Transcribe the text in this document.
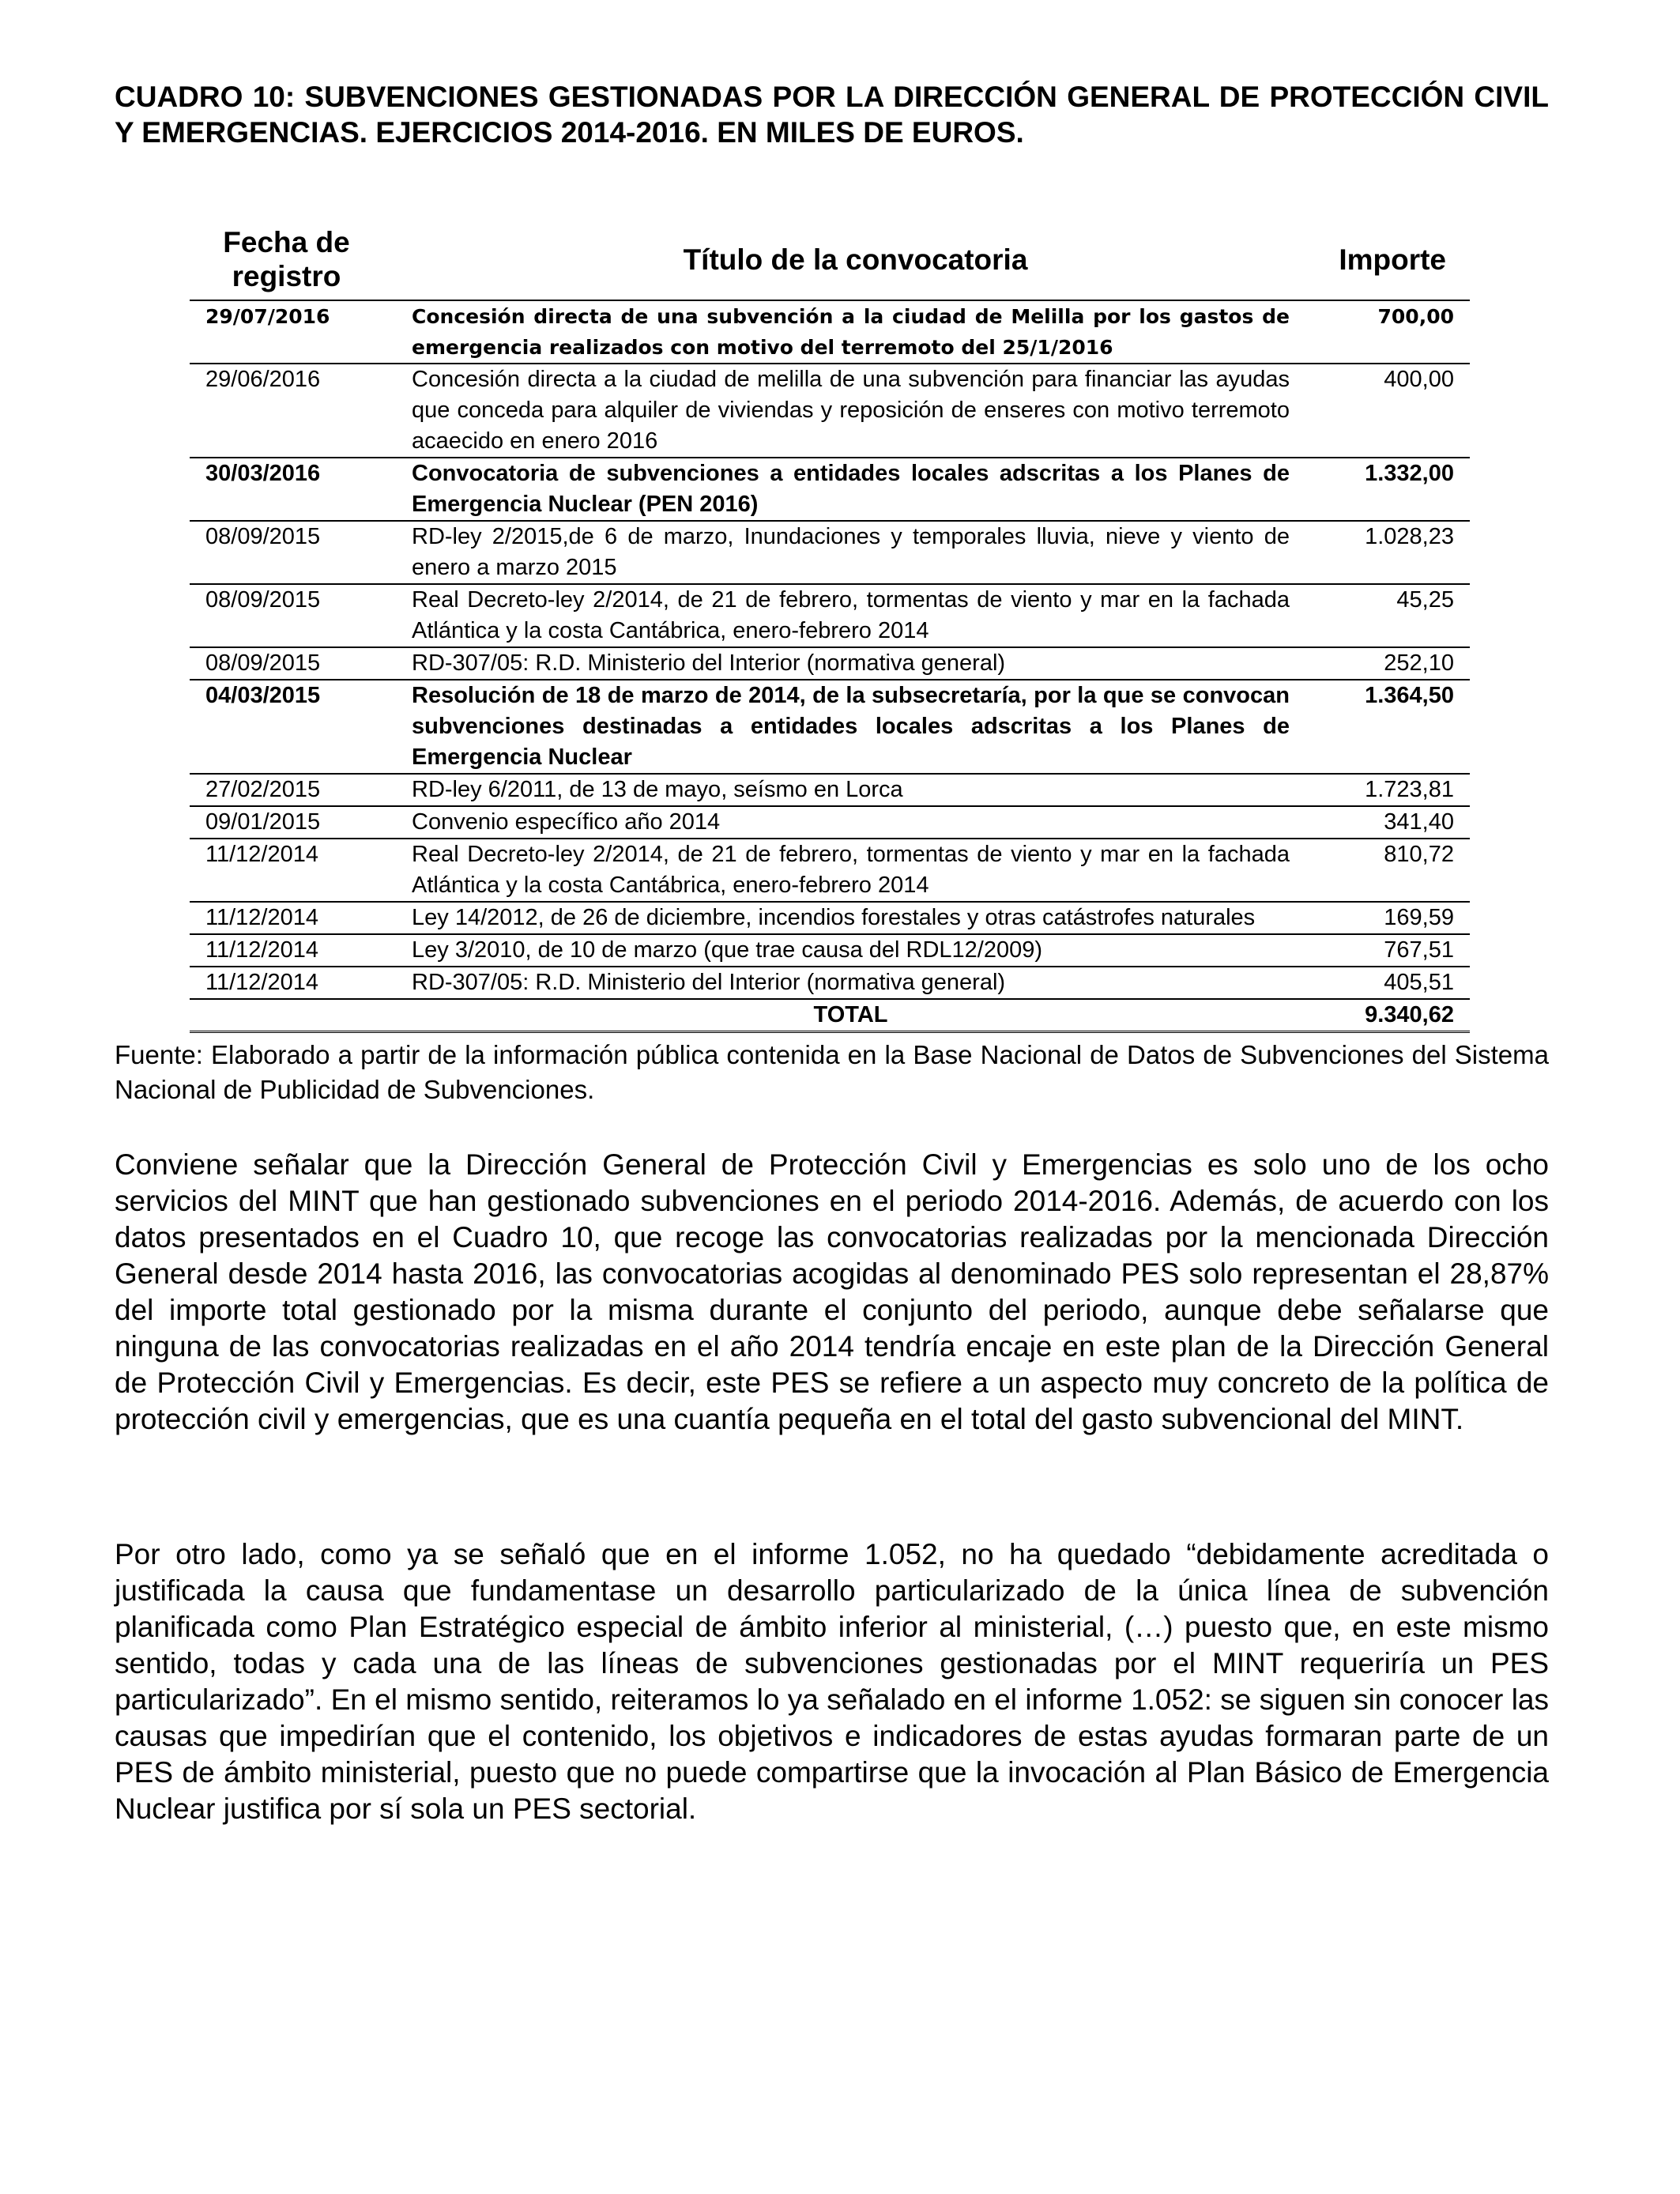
CUADRO 10: SUBVENCIONES GESTIONADAS POR LA DIRECCIÓN GENERAL DE PROTECCIÓN CIVIL Y EMERGENCIAS. EJERCICIOS 2014-2016. EN MILES DE EUROS.
Fecha de registro	Título de la convocatoria	Importe
29/07/2016	Concesión directa de una subvención a la ciudad de Melilla por los gastos de emergencia realizados con motivo del terremoto del 25/1/2016	700,00
29/06/2016	Concesión directa a la ciudad de melilla de una subvención para financiar las ayudas que conceda para alquiler de viviendas y reposición de enseres con motivo terremoto acaecido en enero 2016	400,00
30/03/2016	Convocatoria de subvenciones a entidades locales adscritas a los Planes de Emergencia Nuclear (PEN 2016)	1.332,00
08/09/2015	RD-ley 2/2015,de 6 de marzo, Inundaciones y temporales lluvia, nieve y viento de enero a marzo 2015	1.028,23
08/09/2015	Real Decreto-ley 2/2014, de 21 de febrero, tormentas de viento y mar en la fachada Atlántica y la costa Cantábrica, enero-febrero 2014	45,25
08/09/2015	RD-307/05: R.D. Ministerio del Interior (normativa general)	252,10
04/03/2015	Resolución de 18 de marzo de 2014, de la subsecretaría, por la que se convocan subvenciones destinadas a entidades locales adscritas a los Planes de Emergencia Nuclear	1.364,50
27/02/2015	RD-ley 6/2011, de 13 de mayo, seísmo en Lorca	1.723,81
09/01/2015	Convenio específico año 2014	341,40
11/12/2014	Real Decreto-ley 2/2014, de 21 de febrero, tormentas de viento y mar en la fachada Atlántica y la costa Cantábrica, enero-febrero 2014	810,72
11/12/2014	Ley 14/2012, de 26 de diciembre, incendios forestales y otras catástrofes naturales	169,59
11/12/2014	Ley 3/2010, de 10 de marzo (que trae causa del RDL12/2009)	767,51
11/12/2014	RD-307/05: R.D. Ministerio del Interior (normativa general)	405,51
	TOTAL	9.340,62

Fuente: Elaborado a partir de la información pública contenida en la Base Nacional de Datos de Subvenciones del Sistema Nacional de Publicidad de Subvenciones.

Conviene señalar que la Dirección General de Protección Civil y Emergencias es solo uno de los ocho servicios del MINT que han gestionado subvenciones en el periodo 2014-2016. Además, de acuerdo con los datos presentados en el Cuadro 10, que recoge las convocatorias realizadas por la mencionada Dirección General desde 2014 hasta 2016, las convocatorias acogidas al denominado PES solo representan el 28,87% del importe total gestionado por la misma durante el conjunto del periodo, aunque debe señalarse que ninguna de las convocatorias realizadas en el año 2014 tendría encaje en este plan de la Dirección General de Protección Civil y Emergencias. Es decir, este PES se refiere a un aspecto muy concreto de la política de protección civil y emergencias, que es una cuantía pequeña en el total del gasto subvencional del MINT.

Por otro lado, como ya se señaló que en el informe 1.052, no ha quedado “debidamente acreditada o justificada la causa que fundamentase un desarrollo particularizado de la única línea de subvención planificada como Plan Estratégico especial de ámbito inferior al ministerial, (…) puesto que, en este mismo sentido, todas y cada una de las líneas de subvenciones gestionadas por el MINT requeriría un PES particularizado”. En el mismo sentido, reiteramos lo ya señalado en el informe 1.052: se siguen sin conocer las causas que impedirían que el contenido, los objetivos e indicadores de estas ayudas formaran parte de un PES de ámbito ministerial, puesto que no puede compartirse que la invocación al Plan Básico de Emergencia Nuclear justifica por sí sola un PES sectorial.
